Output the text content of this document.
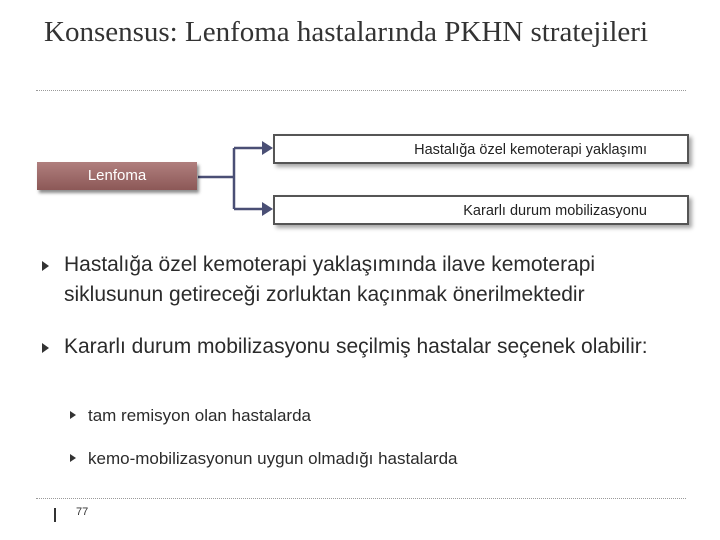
Konsensus: Lenfoma hastalarında PKHN stratejileri
Lenfoma
Hastalığa özel kemoterapi yaklaşımı
Kararlı durum mobilizasyonu
Hastalığa özel kemoterapi yaklaşımında ilave kemoterapi siklusunun getireceği zorluktan kaçınmak önerilmektedir
Kararlı durum mobilizasyonu seçilmiş hastalar seçenek olabilir:
tam remisyon olan hastalarda
kemo-mobilizasyonun uygun olmadığı hastalarda
77
